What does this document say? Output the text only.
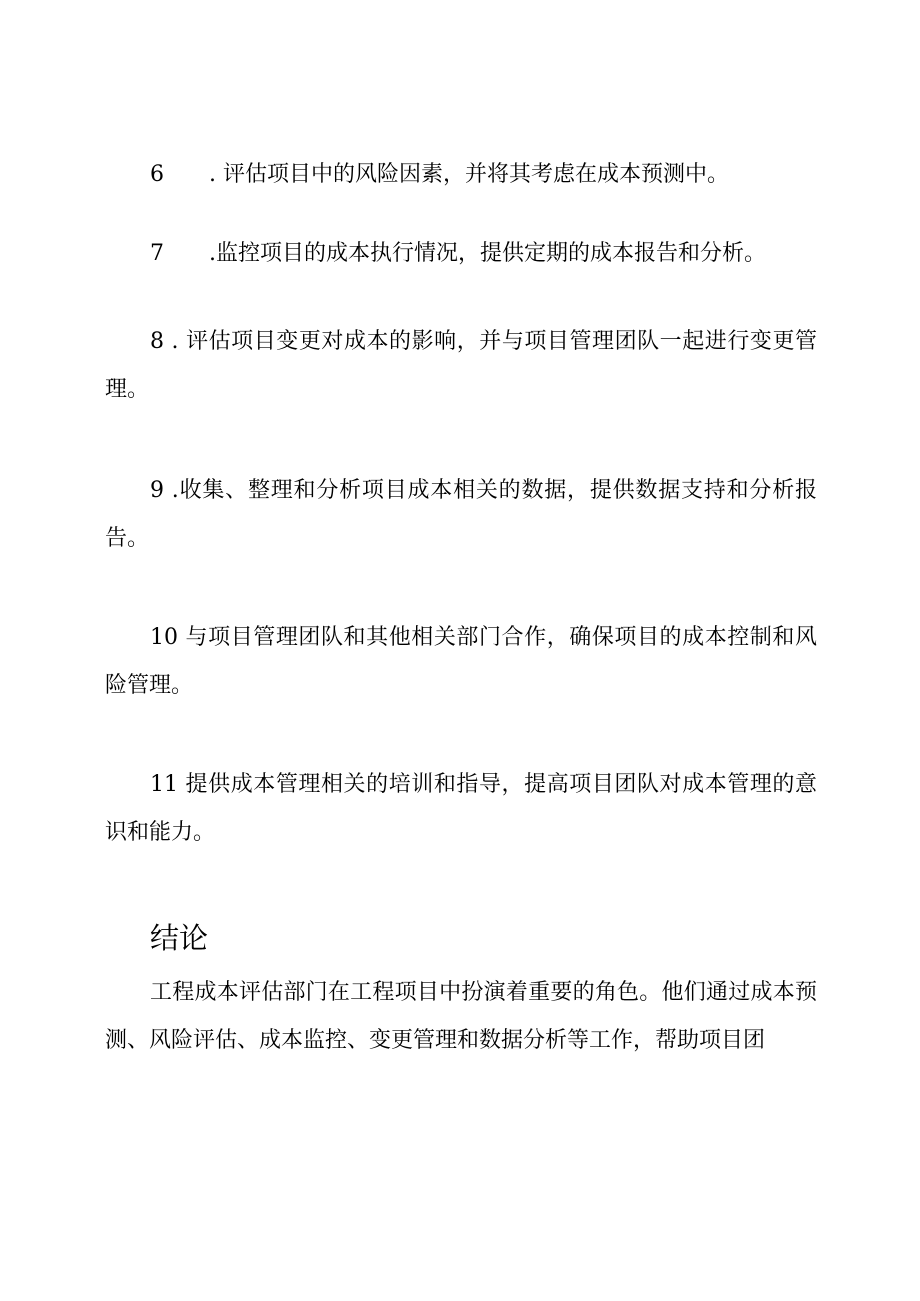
6 . 评估项目中的风险因素，并将其考虑在成本预测中。
7 .监控项目的成本执行情况，提供定期的成本报告和分析。

8 . 评估项目变更对成本的影响，并与项目管理团队一起进行变更管理。

9 .收集、整理和分析项目成本相关的数据，提供数据支持和分析报告。

10 与项目管理团队和其他相关部门合作，确保项目的成本控制和风险管理。

11 提供成本管理相关的培训和指导，提高项目团队对成本管理的意识和能力。

结论

工程成本评估部门在工程项目中扮演着重要的角色。他们通过成本预测、风险评估、成本监控、变更管理和数据分析等工作，帮助项目团
